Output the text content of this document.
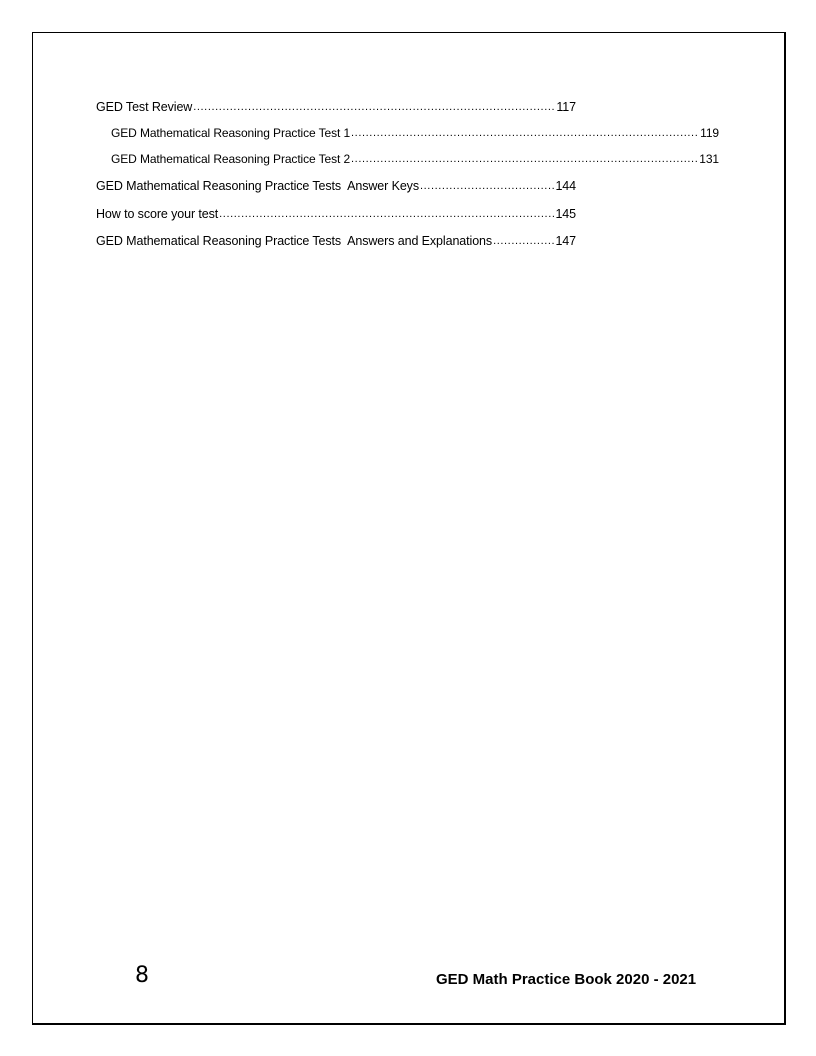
GED Test Review .....	117
GED Mathematical Reasoning Practice Test 1 .....	119
GED Mathematical Reasoning Practice Test 2 .....	131
GED Mathematical Reasoning Practice Tests  Answer Keys .....	144
How to score your test .....	145
GED Mathematical Reasoning Practice Tests  Answers and Explanations .....	147
8	GED Math Practice Book 2020 - 2021
